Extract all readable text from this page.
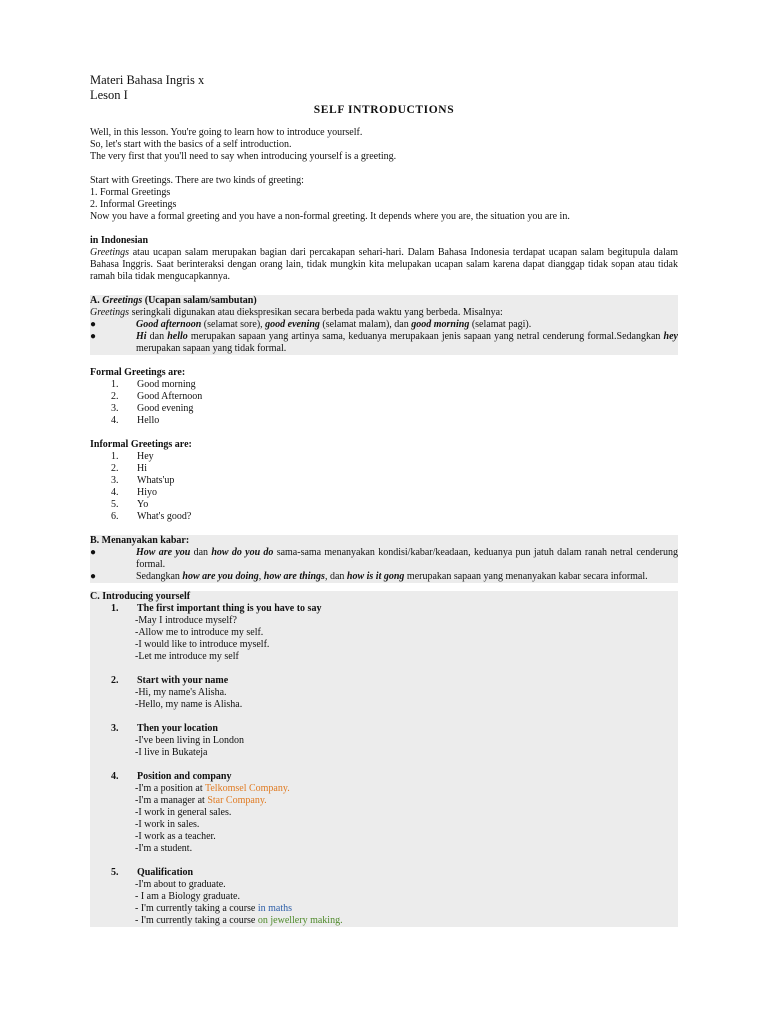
Materi Bahasa Ingris x
Leson I
SELF INTRODUCTIONS

Well, in this lesson. You're going to learn how to introduce yourself.

So, let's start with the basics of a self introduction.

The very first that you'll need to say when introducing yourself is a greeting.

Start with Greetings. There are two kinds of greeting:

1. Formal Greetings

2. Informal Greetings

Now you have a formal greeting and you have a non-formal greeting. It depends where you are, the situation you are in.

in Indonesian

Greetings atau ucapan salam merupakan bagian dari percakapan sehari-hari. Dalam Bahasa Indonesia terdapat ucapan salam begitupula dalam Bahasa Inggris. Saat berinteraksi dengan orang lain, tidak mungkin kita melupakan ucapan salam karena dapat dianggap tidak sopan atau tidak ramah bila tidak mengucapkannya.

A. Greetings (Ucapan salam/sambutan)

Greetings seringkali digunakan atau diekspresikan secara berbeda pada waktu yang berbeda. Misalnya:

●	Good afternoon (selamat sore), good evening (selamat malam), dan good morning (selamat pagi).
●	Hi dan hello merupakan sapaan yang artinya sama, keduanya merupakaan jenis sapaan yang netral cenderung formal.Sedangkan hey merupakan sapaan yang tidak formal.

Formal Greetings are:

1.	Good morning
2.	Good Afternoon
3.	Good evening
4.	Hello

Informal Greetings are:

1.	Hey
2.	Hi
3.	Whats'up
4.	Hiyo
5.	Yo
6.	What's good?

B. Menanyakan kabar:

●	How are you dan how do you do sama-sama menanyakan kondisi/kabar/keadaan, keduanya pun jatuh dalam ranah netral cenderung formal.
●	Sedangkan how are you doing, how are things, dan how is it gong merupakan sapaan yang menanyakan kabar secara informal.

C. Introducing yourself

1.	The first important thing is you have to say

-May I introduce myself?

-Allow me to introduce my self.

-I would like to introduce myself.

-Let me introduce my self

2.	Start with your name

-Hi, my name's Alisha.

-Hello, my name is Alisha.

3.	Then your location

-I've been living in London

-I live in Bukateja

4.	Position and company

-I'm a position at Telkomsel Company.

-I'm a manager at Star Company.

-I work in general sales.

-I work in sales.

-I work as a teacher.

-I'm a student.

5.	Qualification

-I'm about to graduate.

- I am a Biology graduate.

- I'm currently taking a course in maths

- I'm currently taking a course on jewellery making.
